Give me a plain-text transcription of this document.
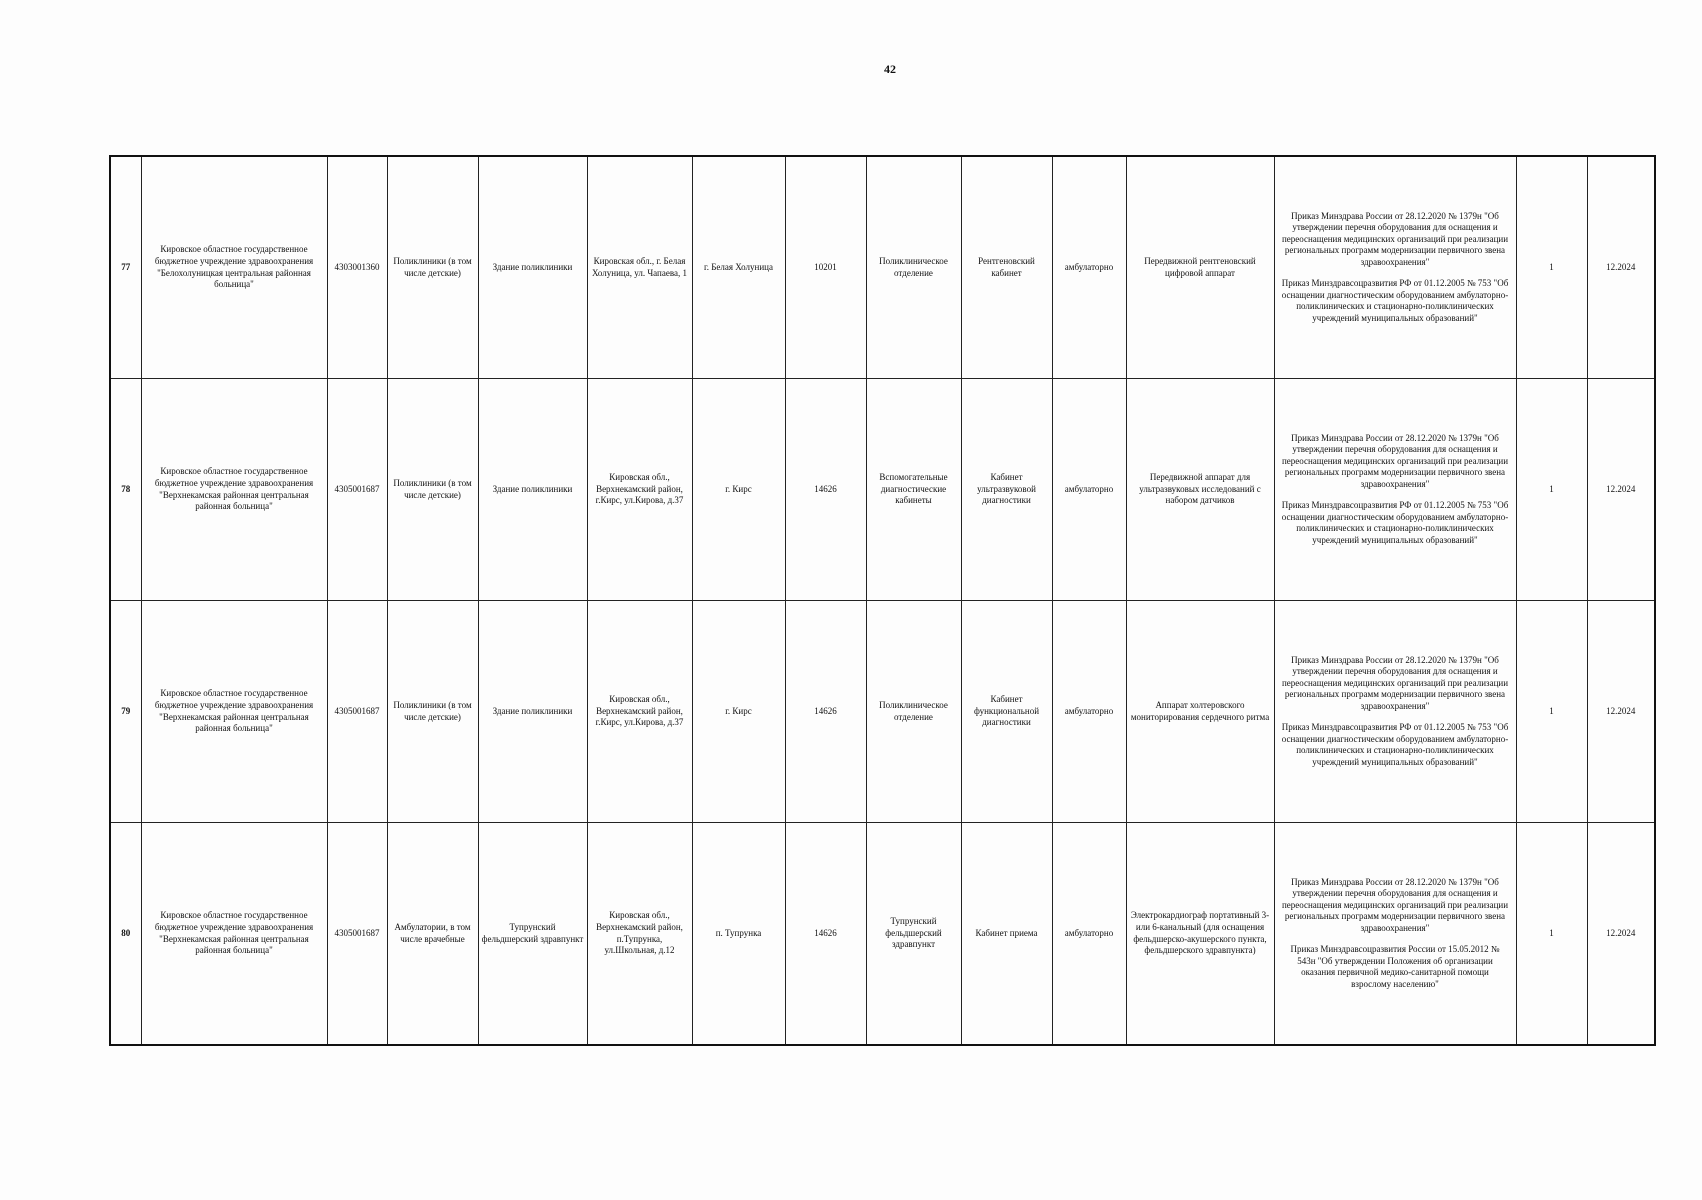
42
77	Кировское областное государственное бюджетное учреждение здравоохранения "Белохолуницкая центральная районная больница"	4303001360	Поликлиники (в том числе детские)	Здание поликлиники	Кировская обл., г. Белая Холуница, ул. Чапаева, 1	г. Белая Холуница	10201	Поликлиническое отделение	Рентгеновский кабинет	амбулаторно	Передвижной рентгеновский цифровой аппарат	Приказ Минздрава России от 28.12.2020 № 1379н "Об утверждении перечня оборудования для оснащения и переоснащения медицинских организаций при реализации региональных программ модернизации первичного звена здравоохранения"
Приказ Минздравсоцразвития РФ от 01.12.2005 № 753 "Об оснащении диагностическим оборудованием амбулаторно-поликлинических и стационарно-поликлинических учреждений муниципальных образований"	1	12.2024
78	Кировское областное государственное бюджетное учреждение здравоохранения "Верхнекамская районная центральная районная больница"	4305001687	Поликлиники (в том числе детские)	Здание поликлиники	Кировская обл., Верхнекамский район, г.Кирс, ул.Кирова, д.37	г. Кирс	14626	Вспомогательные диагностические кабинеты	Кабинет ультразвуковой диагностики	амбулаторно	Передвижной аппарат для ультразвуковых исследований с набором датчиков	Приказ Минздрава России от 28.12.2020 № 1379н "Об утверждении перечня оборудования для оснащения и переоснащения медицинских организаций при реализации региональных программ модернизации первичного звена здравоохранения"
Приказ Минздравсоцразвития РФ от 01.12.2005 № 753 "Об оснащении диагностическим оборудованием амбулаторно-поликлинических и стационарно-поликлинических учреждений муниципальных образований"	1	12.2024
79	Кировское областное государственное бюджетное учреждение здравоохранения "Верхнекамская районная центральная районная больница"	4305001687	Поликлиники (в том числе детские)	Здание поликлиники	Кировская обл., Верхнекамский район, г.Кирс, ул.Кирова, д.37	г. Кирс	14626	Поликлиническое отделение	Кабинет функциональной диагностики	амбулаторно	Аппарат холтеровского мониторирования сердечного ритма	Приказ Минздрава России от 28.12.2020 № 1379н "Об утверждении перечня оборудования для оснащения и переоснащения медицинских организаций при реализации региональных программ модернизации первичного звена здравоохранения"
Приказ Минздравсоцразвития РФ от 01.12.2005 № 753 "Об оснащении диагностическим оборудованием амбулаторно-поликлинических и стационарно-поликлинических учреждений муниципальных образований"	1	12.2024
80	Кировское областное государственное бюджетное учреждение здравоохранения "Верхнекамская районная центральная районная больница"	4305001687	Амбулатории, в том числе врачебные	Тупрунский фельдшерский здравпункт	Кировская обл., Верхнекамский район, п.Тупрунка, ул.Школьная, д.12	п. Тупрунка	14626	Тупрунский фельдшерский здравпункт	Кабинет приема	амбулаторно	Электрокардиограф портативный 3- или 6-канальный (для оснащения фельдшерско-акушерского пункта, фельдшерского здравпункта)	Приказ Минздрава России от 28.12.2020 № 1379н "Об утверждении перечня оборудования для оснащения и переоснащения медицинских организаций при реализации региональных программ модернизации первичного звена здравоохранения"
Приказ Минздравсоцразвития России от 15.05.2012 № 543н "Об утверждении Положения об организации оказания первичной медико-санитарной помощи взрослому населению"	1	12.2024
